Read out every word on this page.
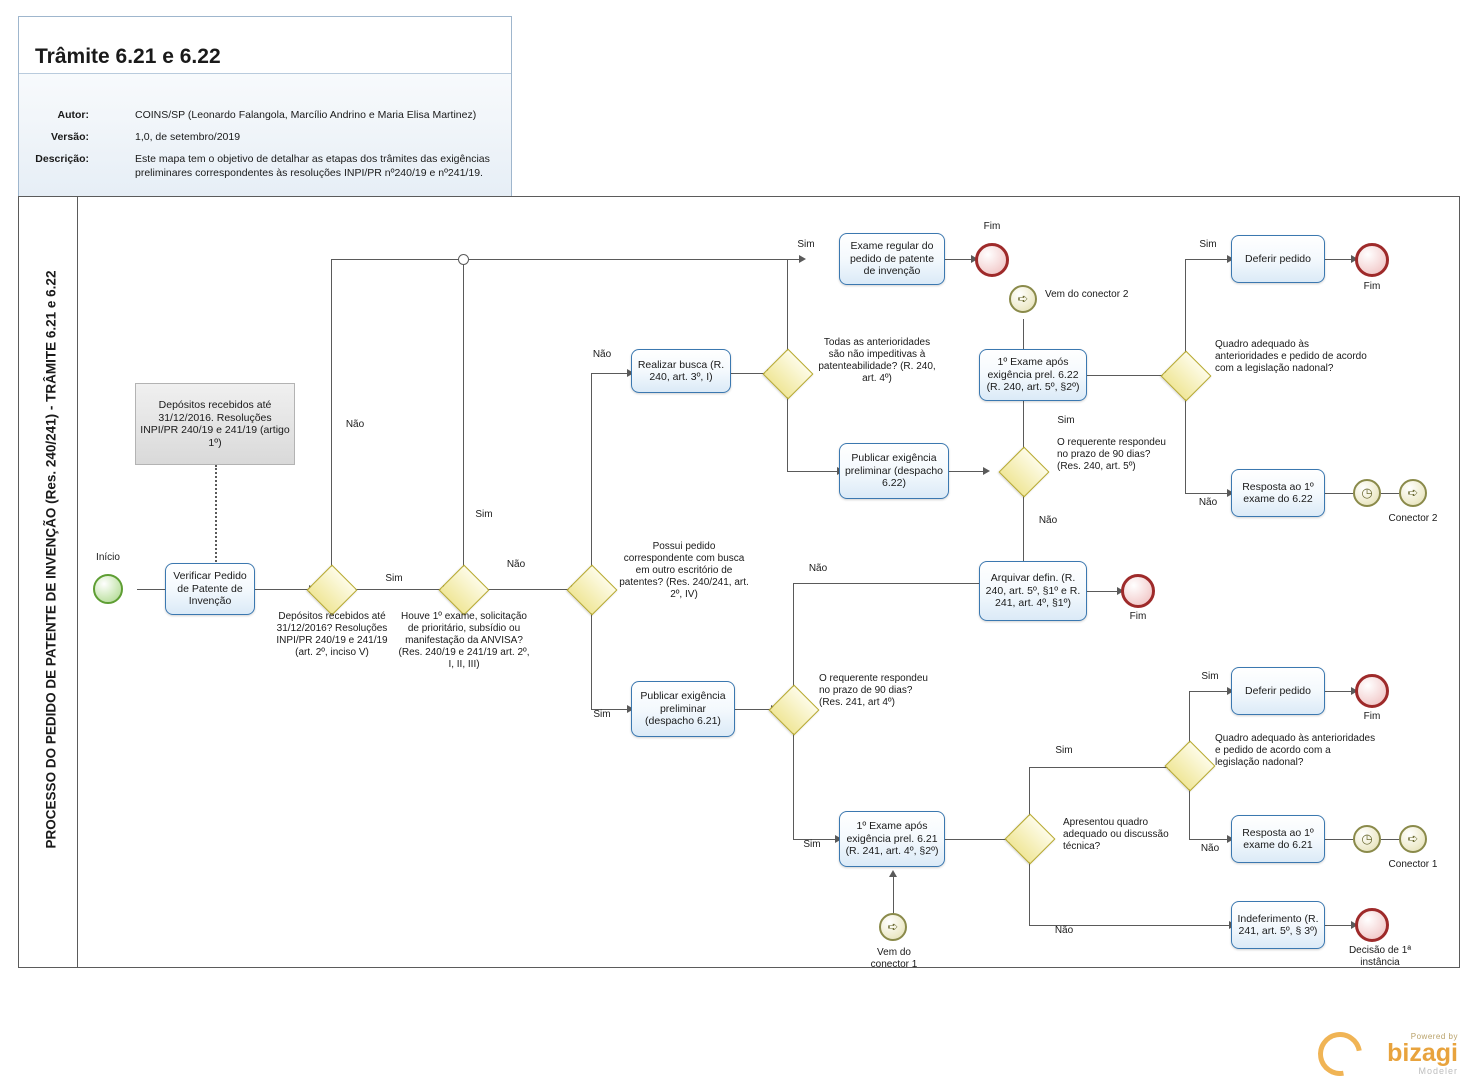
Trâmite 6.21 e 6.22
Autor:	COINS/SP (Leonardo Falangola, Marcílio Andrino e Maria Elisa Martinez)
Versão:	1,0, de setembro/2019
Descrição:	Este mapa tem o objetivo de detalhar as etapas dos trâmites das exigências preliminares correspondentes às resoluções INPI/PR nº240/19 e nº241/19.
PROCESSO DO PEDIDO DE PATENTE DE INVENÇÃO (Res. 240/241) - TRÂMITE 6.21 e 6.22	Início
Depósitos recebidos até 31/12/2016. Resoluções INPI/PR 240/19 e 241/19 (artigo 1º)
Verificar Pedido de Patente de Invenção
Depósitos recebidos até 31/12/2016? Resoluções INPI/PR 240/19 e 241/19 (art. 2º, inciso V)
Não
Sim
Houve 1º exame, solicitação de prioritário, subsídio ou manifestação da ANVISA? (Res. 240/19 e 241/19 art. 2º, I, II, III)
Sim
Não
Possui pedido correspondente com busca em outro escritório de patentes? (Res. 240/241, art. 2º, IV)
Não
Sim
Realizar busca (R. 240, art. 3º, I)
Todas as anterioridades são não impeditivas à patenteabilidade? (R. 240, art. 4º)
Sim	Exame regular do pedido de patente de invenção
Fim
Publicar exigência preliminar (despacho 6.22)
O requerente respondeu no prazo de 90 dias? (Res. 240, art. 5º)
Sim
Não
➪	Vem do conector 2
1º Exame após exigência prel. 6.22 (R. 240, art. 5º, §2º)
Quadro adequado às anterioridades e pedido de acordo com a legislação nadonal?
Sim
Não
Deferir pedido
Fim
Resposta ao 1º exame do 6.22	◷	➪
Conector 2
Arquivar defin. (R. 240, art. 5º, §1º e R. 241, art. 4º, §1º)
Fim
Publicar exigência preliminar (despacho 6.21)
O requerente respondeu no prazo de 90 dias? (Res. 241, art 4º)
Não
Sim
1º Exame após exigência prel. 6.21 (R. 241, art. 4º, §2º)
➪
Vem do conector 1
Apresentou quadro adequado ou discussão técnica?
Sim
Não
Quadro adequado às anterioridades e pedido de acordo com a legislação nadonal?
Sim
Não
Deferir pedido
Fim
Resposta ao 1º exame do 6.21	◷	➪
Conector 1
Indeferimento (R. 241, art. 5º, § 3º)
Decisão de 1ª instância
Powered by
bizagi
Modeler
